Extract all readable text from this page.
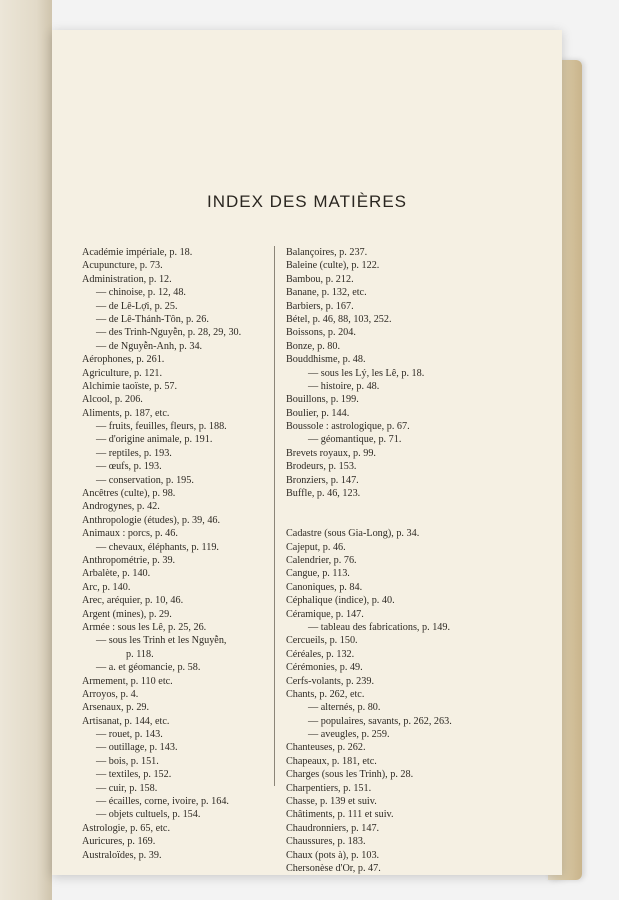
INDEX DES MATIÈRES
Académie impériale, p. 18.
Acupuncture, p. 73.
Administration, p. 12.
— chinoise, p. 12, 48.
— de Lê-Lợi, p. 25.
— de Lê-Thánh-Tôn, p. 26.
— des Trinh-Nguyễn, p. 28, 29, 30.
— de Nguyễn-Anh, p. 34.
Aérophones, p. 261.
Agriculture, p. 121.
Alchimie taoïste, p. 57.
Alcool, p. 206.
Aliments, p. 187, etc.
— fruits, feuilles, fleurs, p. 188.
— d'origine animale, p. 191.
— reptiles, p. 193.
— œufs, p. 193.
— conservation, p. 195.
Ancêtres (culte), p. 98.
Androgynes, p. 42.
Anthropologie (études), p. 39, 46.
Animaux : porcs, p. 46.
— chevaux, éléphants, p. 119.
Anthropométrie, p. 39.
Arbalète, p. 140.
Arc, p. 140.
Arec, aréquier, p. 10, 46.
Argent (mines), p. 29.
Armée : sous les Lê, p. 25, 26.
— sous les Trinh et les Nguyễn,
p. 118.
— a. et géomancie, p. 58.
Armement, p. 110 etc.
Arroyos, p. 4.
Arsenaux, p. 29.
Artisanat, p. 144, etc.
— rouet, p. 143.
— outillage, p. 143.
— bois, p. 151.
— textiles, p. 152.
— cuir, p. 158.
— écailles, corne, ivoire, p. 164.
— objets cultuels, p. 154.
Astrologie, p. 65, etc.
Auricures, p. 169.
Australoïdes, p. 39.
Balançoires, p. 237.
Baleine (culte), p. 122.
Bambou, p. 212.
Banane, p. 132, etc.
Barbiers, p. 167.
Bétel, p. 46, 88, 103, 252.
Boissons, p. 204.
Bonze, p. 80.
Bouddhisme, p. 48.
— sous les Lý, les Lê, p. 18.
— histoire, p. 48.
Bouillons, p. 199.
Boulier, p. 144.
Boussole : astrologique, p. 67.
— géomantique, p. 71.
Brevets royaux, p. 99.
Brodeurs, p. 153.
Bronziers, p. 147.
Buffle, p. 46, 123.
Cadastre (sous Gia-Long), p. 34.
Cajeput, p. 46.
Calendrier, p. 76.
Cangue, p. 113.
Canoniques, p. 84.
Céphalique (indice), p. 40.
Céramique, p. 147.
— tableau des fabrications, p. 149.
Cercueils, p. 150.
Céréales, p. 132.
Cérémonies, p. 49.
Cerfs-volants, p. 239.
Chants, p. 262, etc.
— alternés, p. 80.
— populaires, savants, p. 262, 263.
— aveugles, p. 259.
Chanteuses, p. 262.
Chapeaux, p. 181, etc.
Charges (sous les Trinh), p. 28.
Charpentiers, p. 151.
Chasse, p. 139 et suiv.
Châtiments, p. 111 et suiv.
Chaudronniers, p. 147.
Chaussures, p. 183.
Chaux (pots à), p. 103.
Chersonèse d'Or, p. 47.
